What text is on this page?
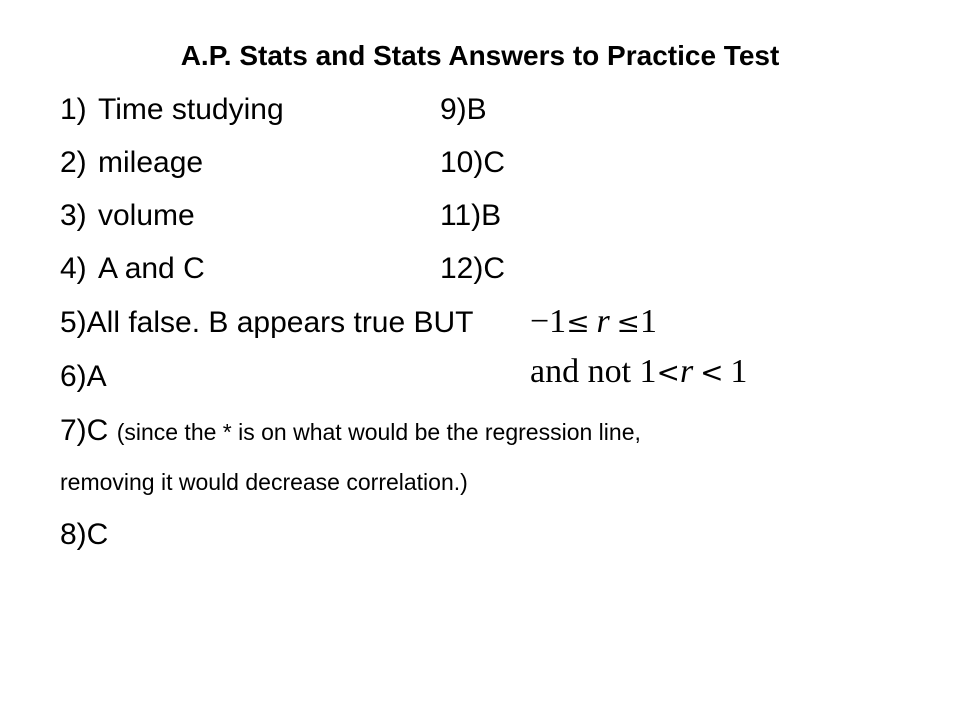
A.P. Stats and Stats Answers to Practice Test
1) Time studying
2) mileage
3) volume
4) A and C
9)B
10)C
11)B
12)C
5)All false. B appears true BUT −1≤  r  ≤1
and not 1<r  <  1
6)A
7)C (since the * is on what would be the regression line,
removing it would decrease correlation.)
8)C
